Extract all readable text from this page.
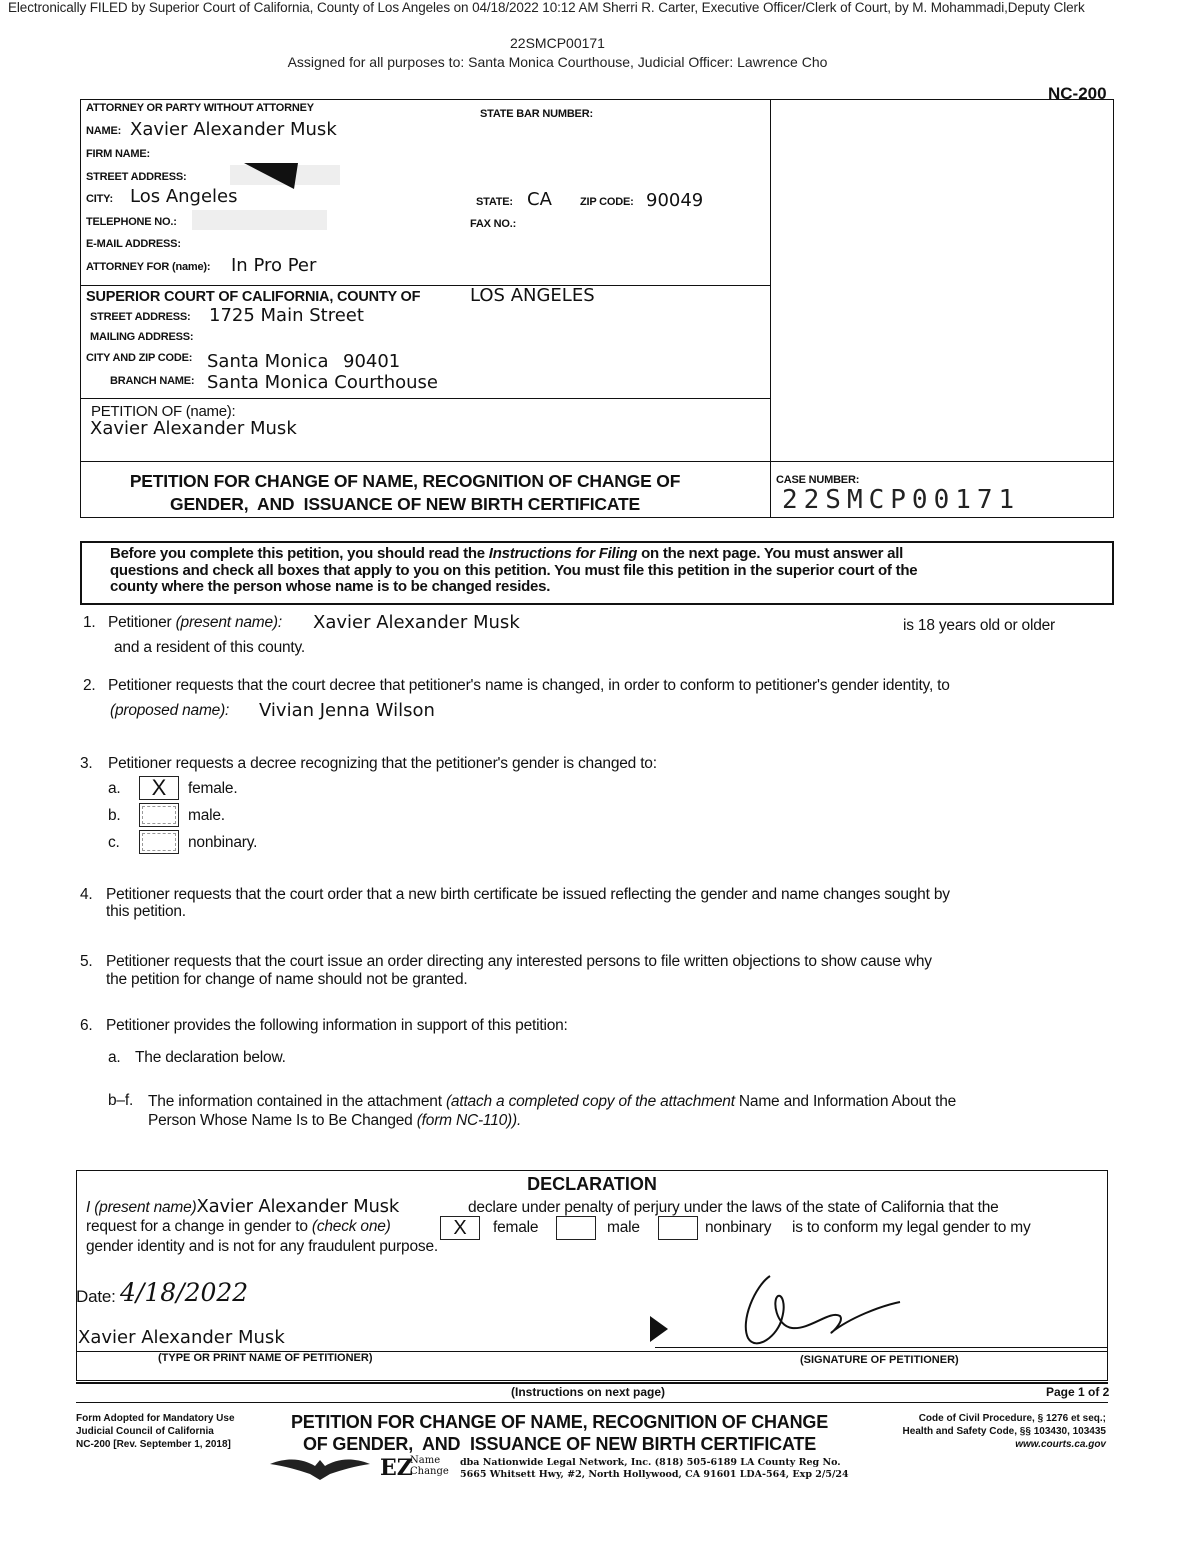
Electronically FILED by Superior Court of California, County of Los Angeles on 04/18/2022 10:12 AM Sherri R. Carter, Executive Officer/Clerk of Court, by M. Mohammadi,Deputy Clerk
22SMCP00171
Assigned for all purposes to: Santa Monica Courthouse, Judicial Officer: Lawrence Cho
NC-200
ATTORNEY OR PARTY WITHOUT ATTORNEY	STATE BAR NUMBER:
NAME: Xavier Alexander Musk
FIRM NAME:
STREET ADDRESS:
CITY: Los Angeles	STATE: CA	ZIP CODE: 90049
TELEPHONE NO.:	FAX NO.:
E-MAIL ADDRESS:
ATTORNEY FOR (name): In Pro Per
SUPERIOR COURT OF CALIFORNIA, COUNTY OF	LOS ANGELES
STREET ADDRESS: 1725 Main Street
MAILING ADDRESS:
CITY AND ZIP CODE: Santa Monica 90401
BRANCH NAME: Santa Monica Courthouse
PETITION OF (name):
Xavier Alexander Musk
PETITION FOR CHANGE OF NAME, RECOGNITION OF CHANGE OF
GENDER,  AND  ISSUANCE OF NEW BIRTH CERTIFICATE
CASE NUMBER:
22SMCP00171
Before you complete this petition, you should read the Instructions for Filing on the next page. You must answer all
questions and check all boxes that apply to you on this petition. You must file this petition in the superior court of the
county where the person whose name is to be changed resides.
1. Petitioner (present name): Xavier Alexander Musk	is 18 years old or older
and a resident of this county.
2. Petitioner requests that the court decree that petitioner's name is changed, in order to conform to petitioner's gender identity, to
(proposed name): Vivian Jenna Wilson
3. Petitioner requests a decree recognizing that the petitioner's gender is changed to:
a.	X	female.
b.	male.
c.	nonbinary.
4. Petitioner requests that the court order that a new birth certificate be issued reflecting the gender and name changes sought by
this petition.
5. Petitioner requests that the court issue an order directing any interested persons to file written objections to show cause why
the petition for change of name should not be granted.
6. Petitioner provides the following information in support of this petition:
a. The declaration below.
b–f. The information contained in the attachment (attach a completed copy of the attachment Name and Information About the
Person Whose Name Is to Be Changed (form NC-110)).
DECLARATION
I (present name)Xavier Alexander Musk	declare under penalty of perjury under the laws of the state of California that the
request for a change in gender to (check one)	X	female	male	nonbinary is to conform my legal gender to my
gender identity and is not for any fraudulent purpose.
Date: 4/18/2022
Xavier Alexander Musk
(TYPE OR PRINT NAME OF PETITIONER)	(SIGNATURE OF PETITIONER)
(Instructions on next page)	Page 1 of 2
Form Adopted for Mandatory Use
Judicial Council of California
NC-200 [Rev. September 1, 2018]
PETITION FOR CHANGE OF NAME, RECOGNITION OF CHANGE
OF GENDER,  AND  ISSUANCE OF NEW BIRTH CERTIFICATE
Code of Civil Procedure, § 1276 et seq.;
Health and Safety Code, §§ 103430, 103435
www.courts.ca.gov
EZ
Name
Change
dba Nationwide Legal Network, Inc. (818) 505-6189 LA County Reg No.
5665 Whitsett Hwy, #2, North Hollywood, CA 91601 LDA-564, Exp 2/5/24
